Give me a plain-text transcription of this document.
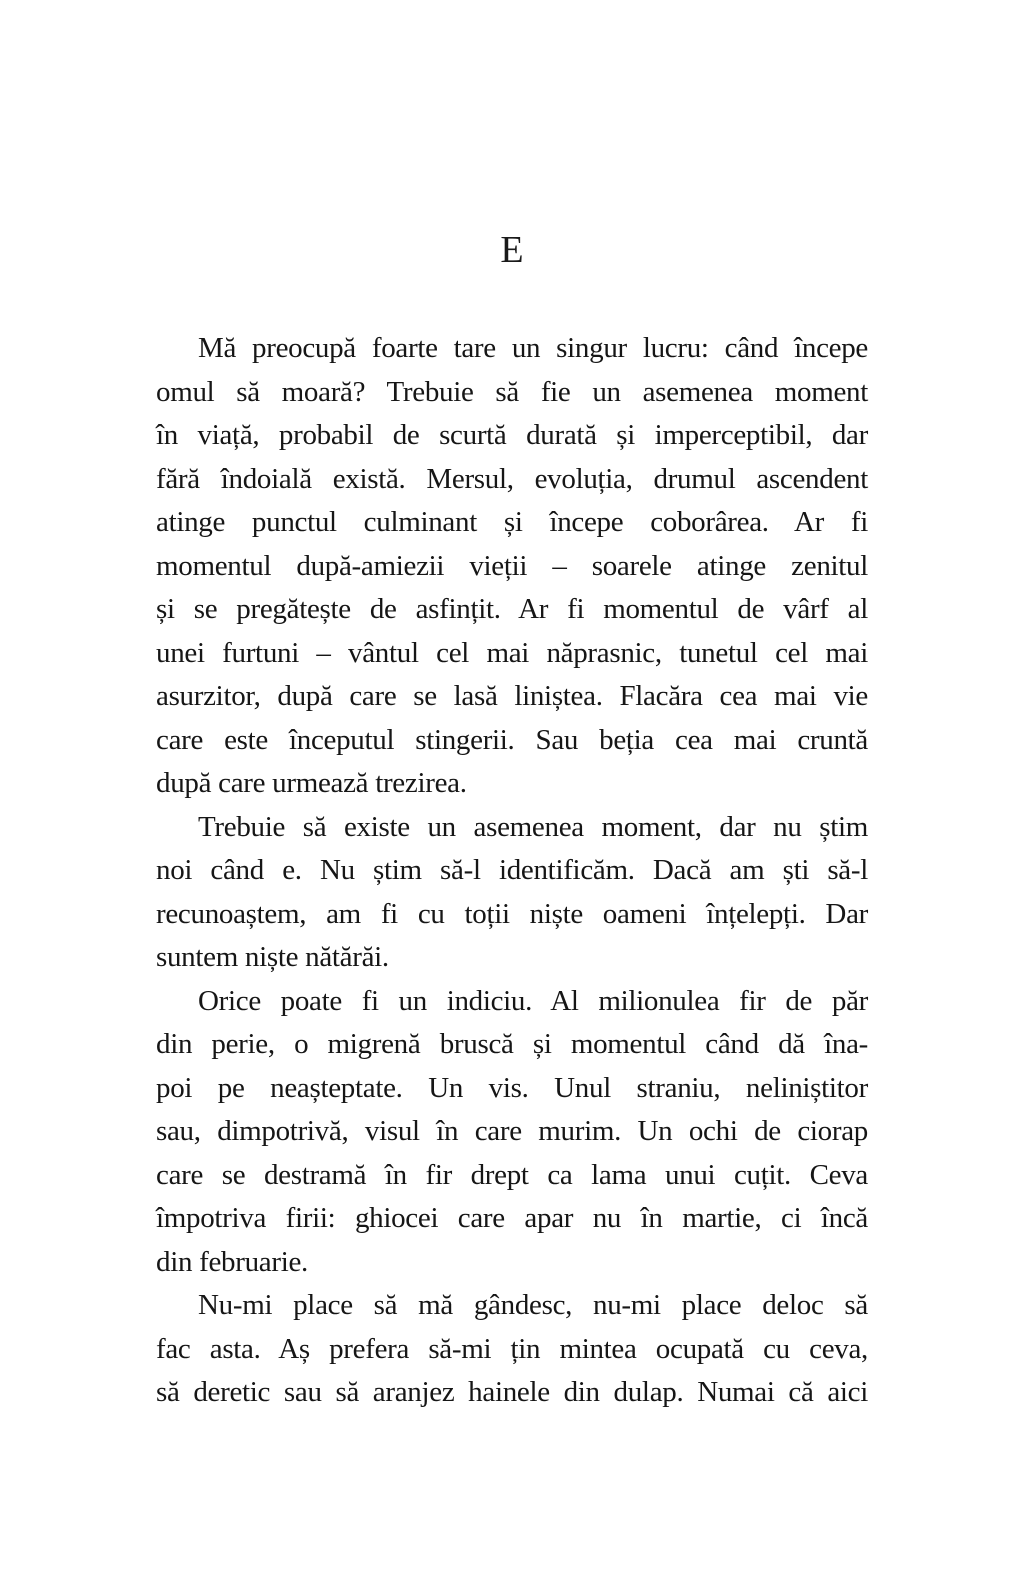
E
Mă preocupă foarte tare un singur lucru: când începe
omul să moară? Trebuie să fie un asemenea moment
în viață, probabil de scurtă durată și imperceptibil, dar
fără îndoială există. Mersul, evoluția, drumul ascendent
atinge punctul culminant și începe coborârea. Ar fi
momentul după-amiezii vieții – soarele atinge zenitul
și se pregătește de asfințit. Ar fi momentul de vârf al
unei furtuni – vântul cel mai năprasnic, tunetul cel mai
asurzitor, după care se lasă liniștea. Flacăra cea mai vie
care este începutul stingerii. Sau beția cea mai cruntă
după care urmează trezirea.
Trebuie să existe un asemenea moment, dar nu știm
noi când e. Nu știm să-l identificăm. Dacă am ști să-l
recunoaștem, am fi cu toții niște oameni înțelepți. Dar
suntem niște nătărăi.
Orice poate fi un indiciu. Al milionulea fir de păr
din perie, o migrenă bruscă și momentul când dă îna-
poi pe neașteptate. Un vis. Unul straniu, neliniștitor
sau, dimpotrivă, visul în care murim. Un ochi de ciorap
care se destramă în fir drept ca lama unui cuțit. Ceva
împotriva firii: ghiocei care apar nu în martie, ci încă
din februarie.
Nu-mi place să mă gândesc, nu-mi place deloc să
fac asta. Aș prefera să-mi țin mintea ocupată cu ceva,
să deretic sau să aranjez hainele din dulap. Numai că aici
